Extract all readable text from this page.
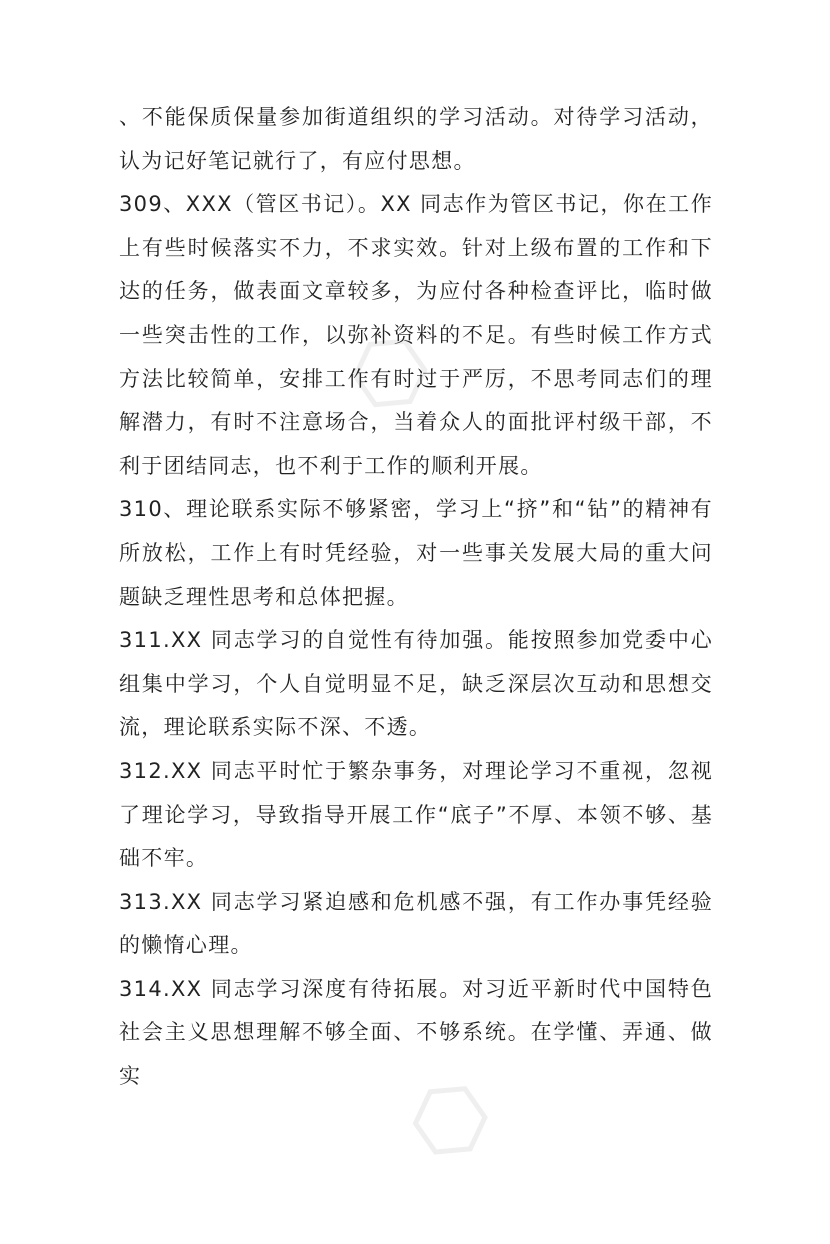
⬡
⬡

、不能保质保量参加街道组织的学习活动。对待学习活动，认为记好笔记就行了，有应付思想。

309、XXX（管区书记）。XX 同志作为管区书记，你在工作上有些时候落实不力，不求实效。针对上级布置的工作和下达的任务，做表面文章较多，为应付各种检查评比，临时做一些突击性的工作，以弥补资料的不足。有些时候工作方式方法比较简单，安排工作有时过于严厉，不思考同志们的理解潜力，有时不注意场合，当着众人的面批评村级干部，不利于团结同志，也不利于工作的顺利开展。

310、理论联系实际不够紧密，学习上“挤”和“钻”的精神有所放松，工作上有时凭经验，对一些事关发展大局的重大问题缺乏理性思考和总体把握。

311.XX 同志学习的自觉性有待加强。能按照参加党委中心组集中学习，个人自觉明显不足，缺乏深层次互动和思想交流，理论联系实际不深、不透。

312.XX 同志平时忙于繁杂事务，对理论学习不重视，忽视了理论学习，导致指导开展工作“底子”不厚、本领不够、基础不牢。

313.XX 同志学习紧迫感和危机感不强，有工作办事凭经验的懒惰心理。

314.XX 同志学习深度有待拓展。对习近平新时代中国特色社会主义思想理解不够全面、不够系统。在学懂、弄通、做实
